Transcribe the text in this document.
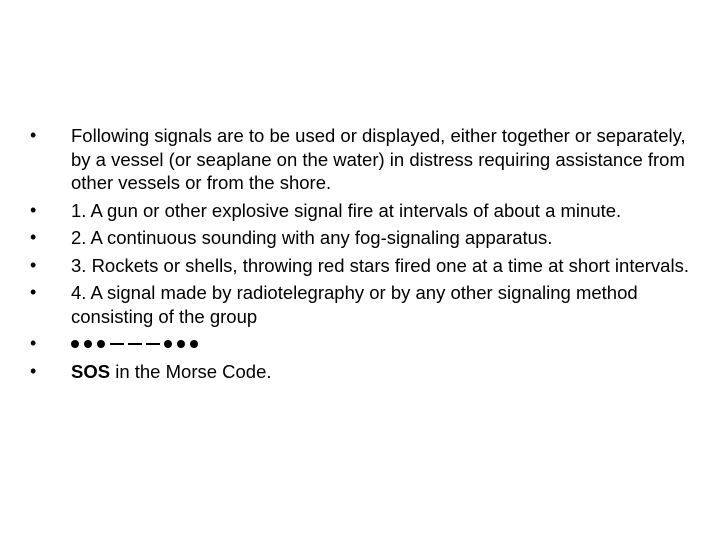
• Following signals are to be used or displayed, either together or separately, by a vessel (or seaplane on the water) in distress requiring assistance from other vessels or from the shore.
• 1. A gun or other explosive signal fire at intervals of about a minute.
• 2. A continuous sounding with any fog-signaling apparatus.
• 3. Rockets or shells, throwing red stars fired one at a time at short intervals.
• 4. A signal made by radiotelegraphy or by any other signaling method consisting of the group
•
• SOS in the Morse Code.
